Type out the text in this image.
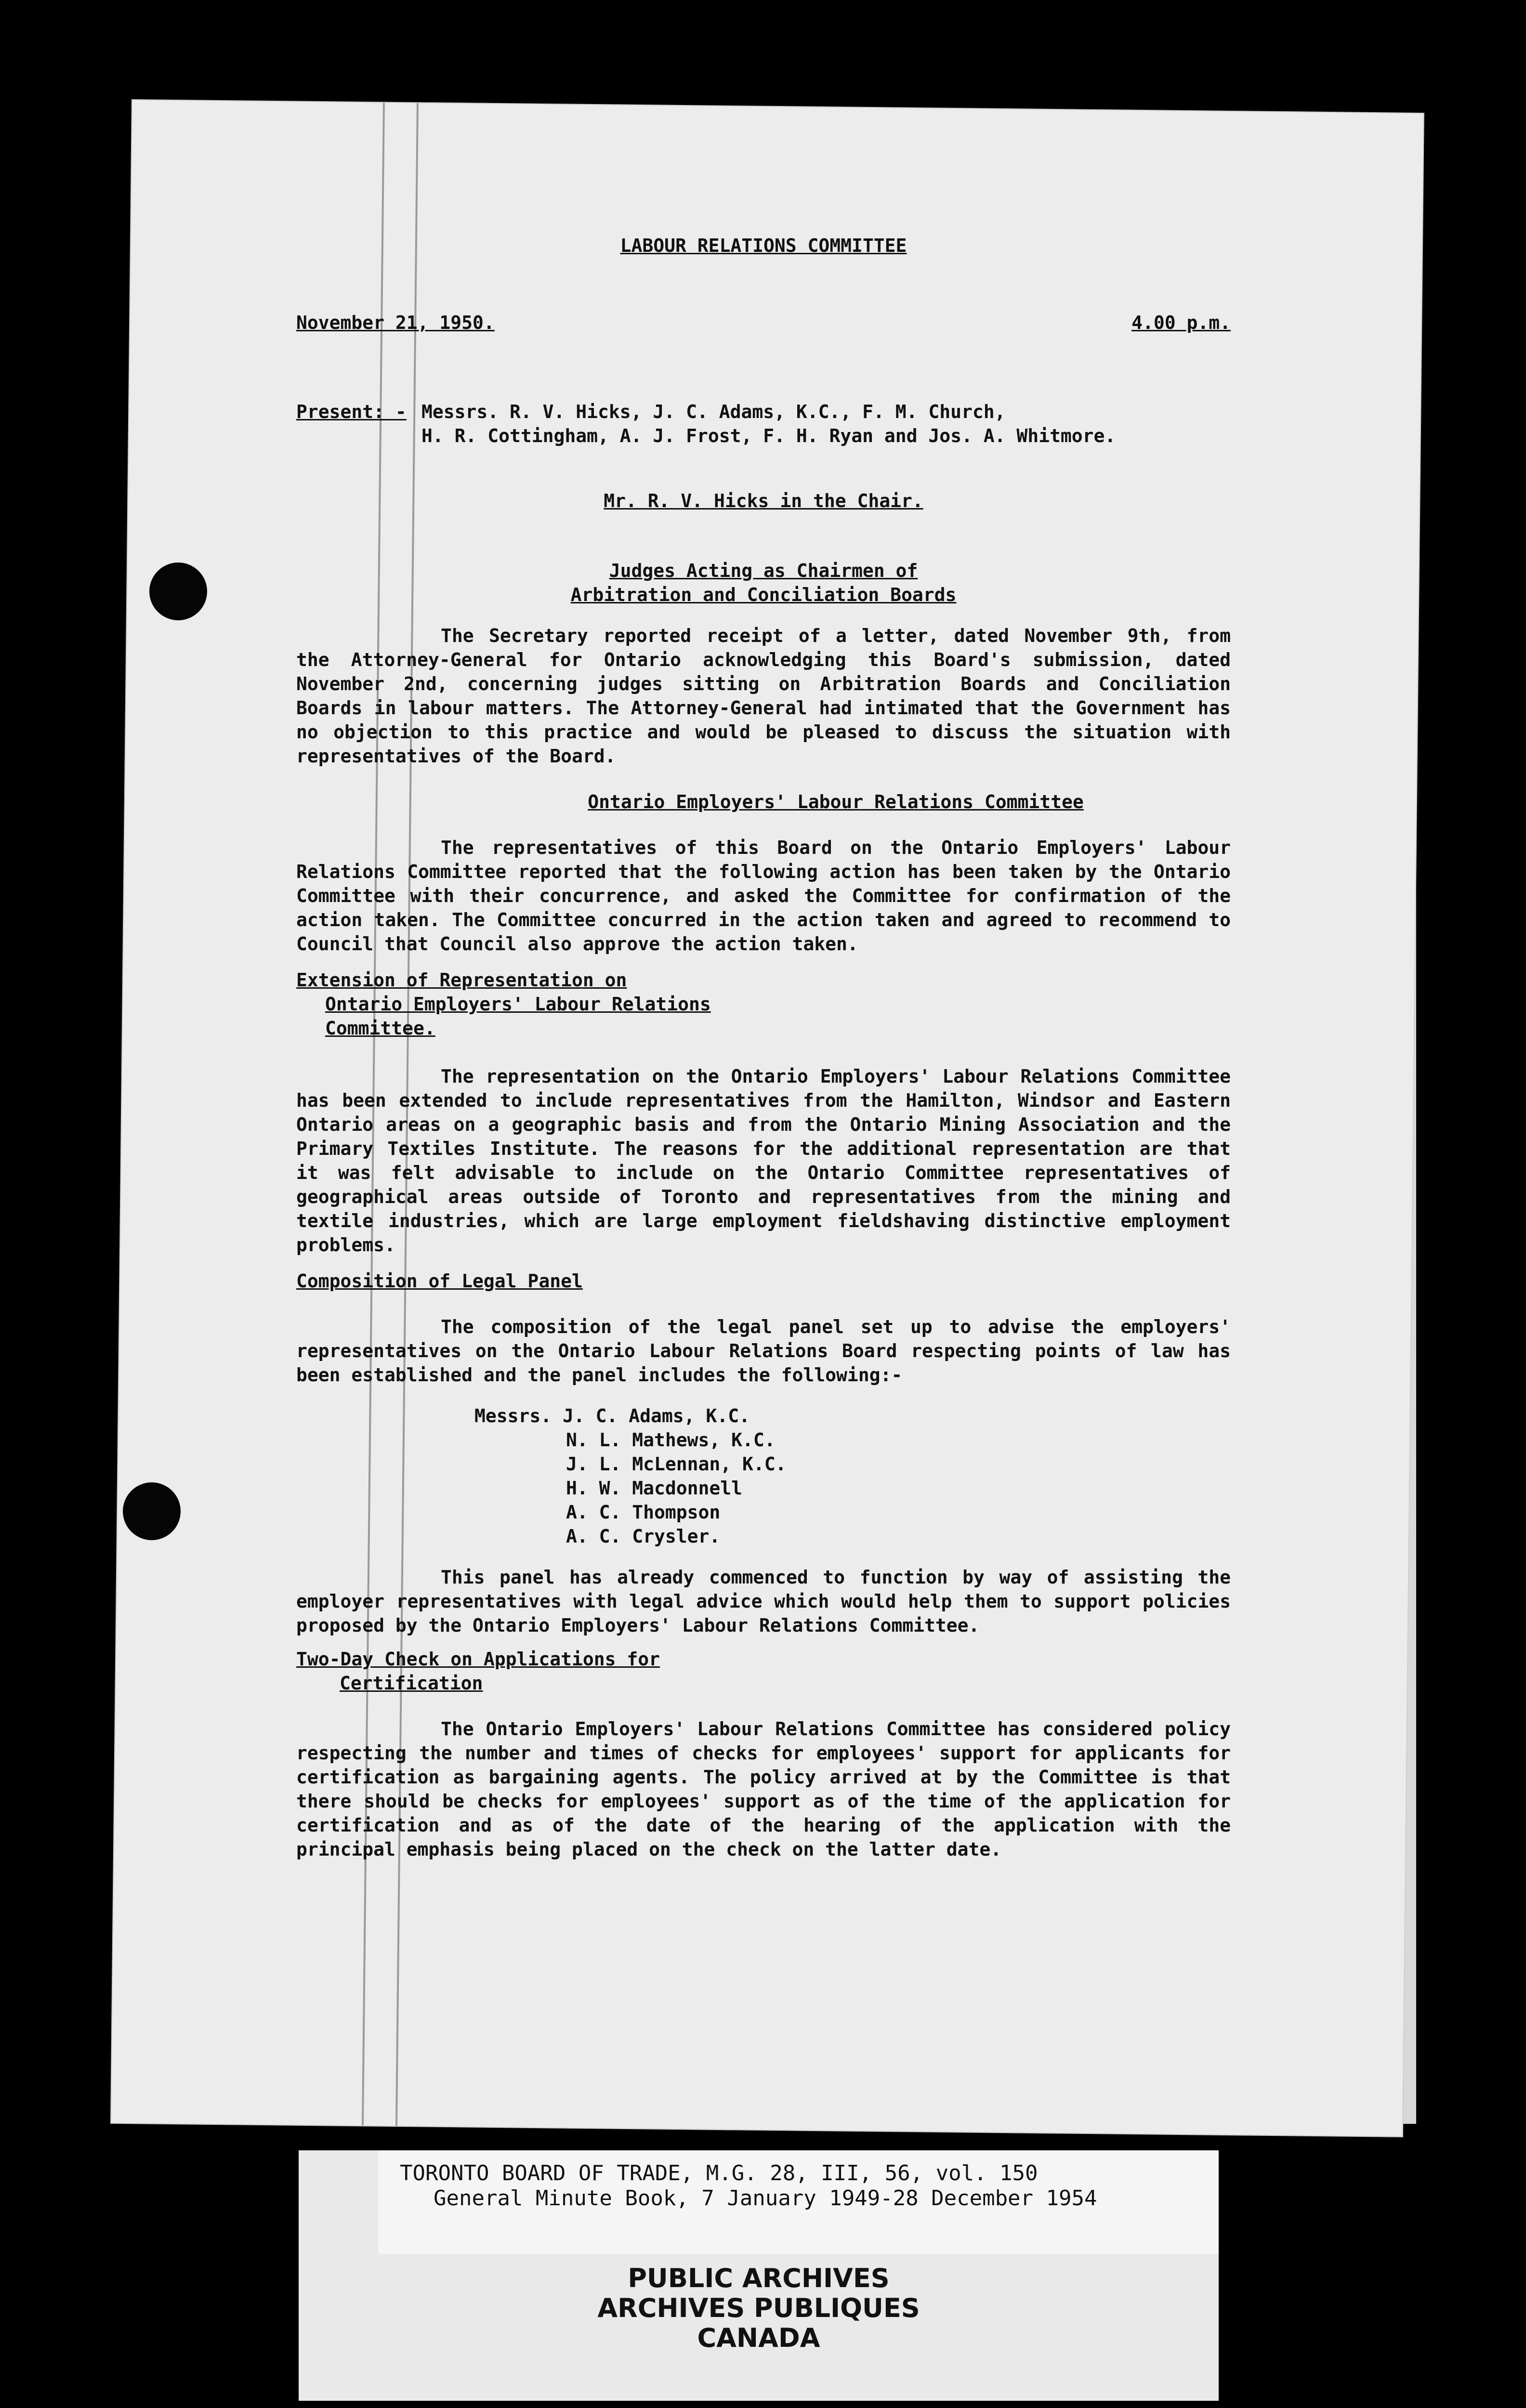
LABOUR RELATIONS COMMITTEE
November 21, 1950.	4.00 p.m.
Present: - Messrs. R. V. Hicks, J. C. Adams, K.C., F. M. Church,
H. R. Cottingham, A. J. Frost, F. H. Ryan and Jos. A. Whitmore.
Mr. R. V. Hicks in the Chair.
Judges Acting as Chairmen of
Arbitration and Conciliation Boards

The Secretary reported receipt of a letter, dated November 9th, from the Attorney-General for Ontario acknowledging this Board's submission, dated November 2nd, concerning judges sitting on Arbitration Boards and Conciliation Boards in labour matters. The Attorney-General had intimated that the Government has no objection to this practice and would be pleased to discuss the situation with representatives of the Board.

Ontario Employers' Labour Relations Committee

The representatives of this Board on the Ontario Employers' Labour Relations Committee reported that the following action has been taken by the Ontario Committee with their concurrence, and asked the Committee for confirmation of the action taken. The Committee concurred in the action taken and agreed to recommend to Council that Council also approve the action taken.

Extension of Representation on
Ontario Employers' Labour Relations
Committee.

The representation on the Ontario Employers' Labour Relations Committee has been extended to include representatives from the Hamilton, Windsor and Eastern Ontario areas on a geographic basis and from the Ontario Mining Association and the Primary Textiles Institute. The reasons for the additional representation are that it was felt advisable to include on the Ontario Committee representatives of geographical areas outside of Toronto and representatives from the mining and textile industries, which are large employment fieldshaving distinctive employment problems.

Composition of Legal Panel

The composition of the legal panel set up to advise the employers' representatives on the Ontario Labour Relations Board respecting points of law has been established and the panel includes the following:-

Messrs. J. C. Adams, K.C.
N. L. Mathews, K.C.
J. L. McLennan, K.C.
H. W. Macdonnell
A. C. Thompson
A. C. Crysler.

This panel has already commenced to function by way of assisting the employer representatives with legal advice which would help them to support policies proposed by the Ontario Employers' Labour Relations Committee.

Two-Day Check on Applications for
Certification

The Ontario Employers' Labour Relations Committee has considered policy respecting the number and times of checks for employees' support for applicants for certification as bargaining agents. The policy arrived at by the Committee is that there should be checks for employees' support as of the time of the application for certification and as of the date of the hearing of the application with the principal emphasis being placed on the check on the latter date.

TORONTO BOARD OF TRADE, M.G. 28, III, 56, vol. 150
General Minute Book, 7 January 1949-28 December 1954
PUBLIC ARCHIVES
ARCHIVES PUBLIQUES
CANADA
